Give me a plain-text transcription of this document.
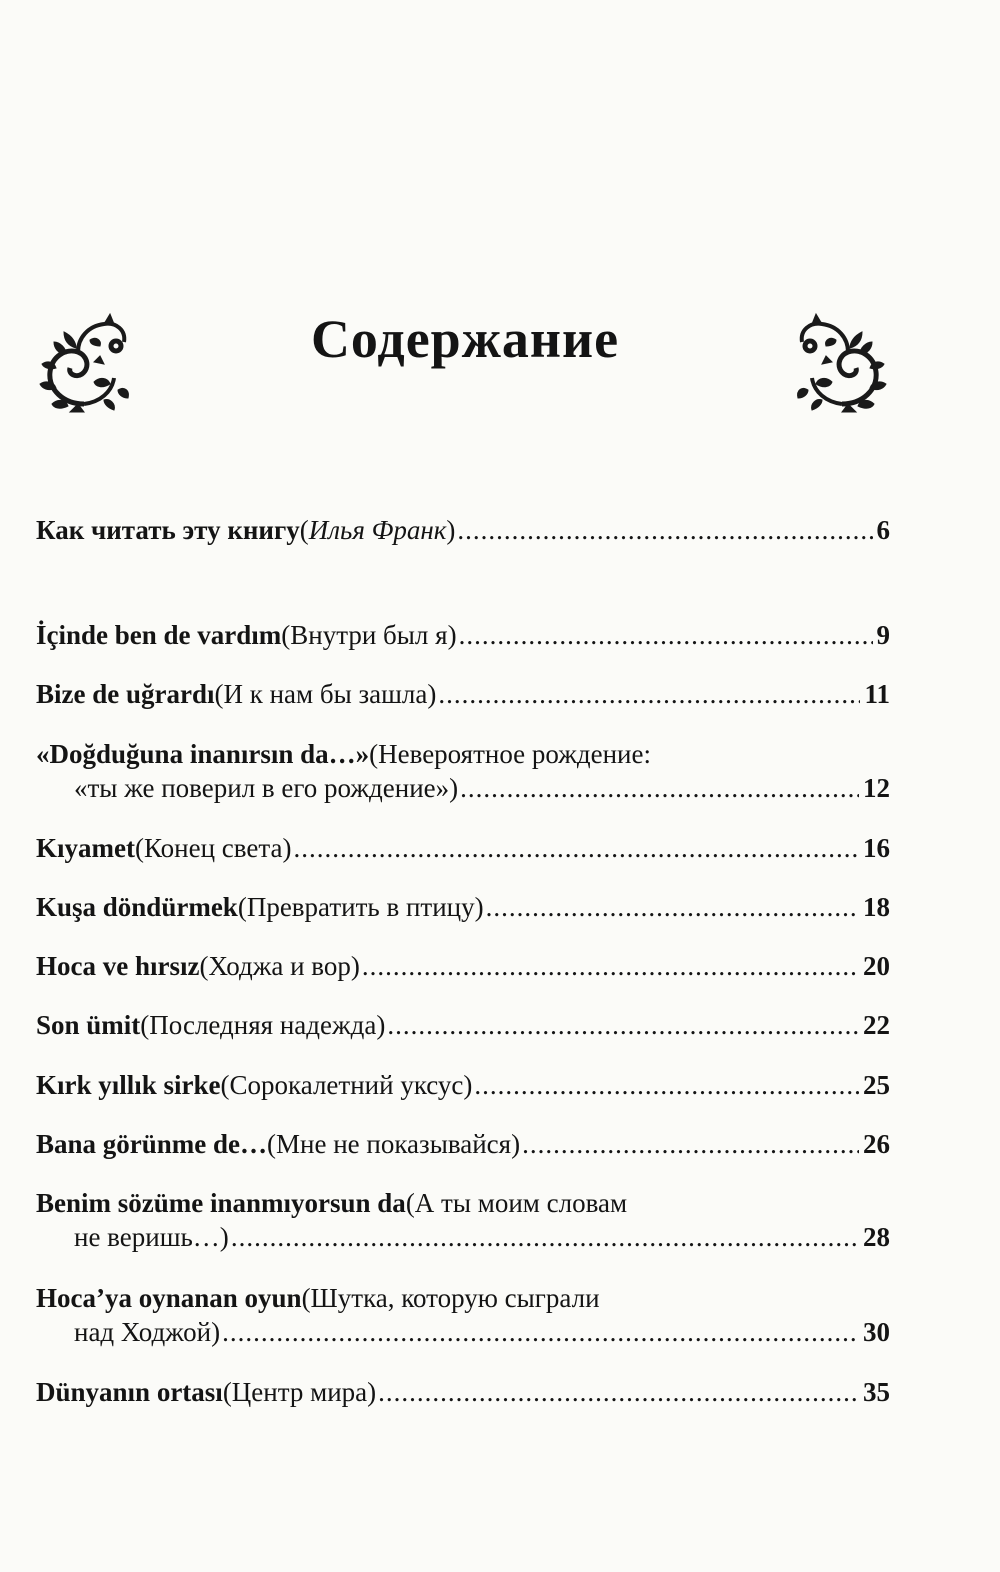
Содержание
Как читать эту книгу ( Илья Франк ) .....	6
İçinde ben de vardım (Внутри был я) .....	9
Bize de uğrardı (И к нам бы зашла) .....	11
«Doğduğuna inanırsın da…» (Невероятное рождение:
«ты же поверил в его рождение») .....	12
Kıyamet (Конец света) .....	16
Kuşa döndürmek (Превратить в птицу) .....	18
Hoca ve hırsız (Ходжа и вор) .....	20
Son ümit (Последняя надежда) .....	22
Kırk yıllık sirke (Сорокалетний уксус) .....	25
Bana görünme de… (Мне не показывайся) .....	26
Benim sözüme inanmıyorsun da (А ты моим словам
не веришь…) .....	28
Hoca’ya oynanan oyun (Шутка, которую сыграли
над Ходжой) .....	30
Dünyanın ortası (Центр мира) .....	35
